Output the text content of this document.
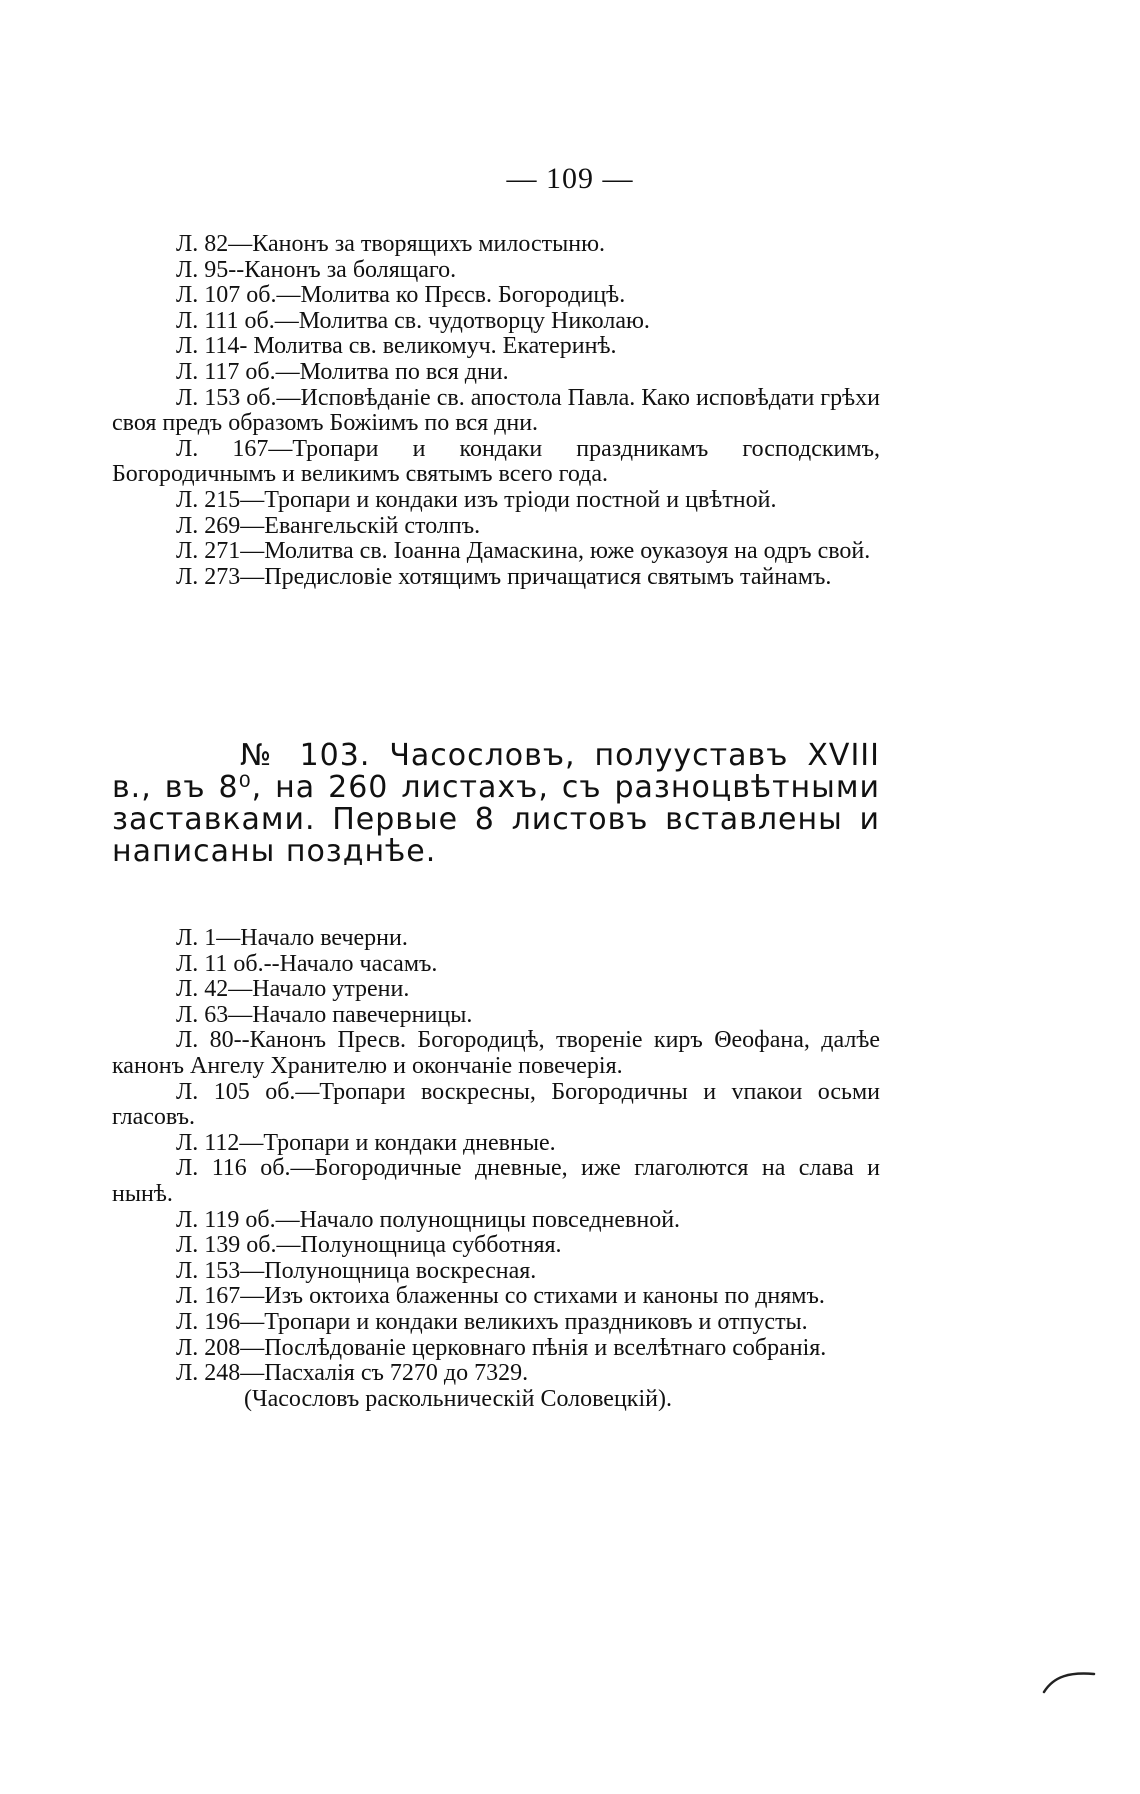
— 109 —

Л. 82—Канонъ за творящихъ милостыню.

Л. 95--Канонъ за болящаго.

Л. 107 об.—Молитва ко Прєсв. Богородицѣ.

Л. 111 об.—Молитва св. чудотворцу Николаю.

Л. 114- Молитва св. великомуч. Екатеринѣ.

Л. 117 об.—Молитва по вся дни.

Л. 153 об.—Исповѣданіе св. апостола Павла. Како исповѣдати грѣхи своя предъ образомъ Божіимъ по вся дни.

Л. 167—Тропари и кондаки праздникамъ господскимъ, Богородичнымъ и великимъ святымъ всего года.

Л. 215—Тропари и кондаки изъ тріоди постной и цвѣтной.

Л. 269—Евангельскій столпъ.

Л. 271—Молитва св. Іоанна Дамаскина, юже оуказоуя на одръ свой.

Л. 273—Предисловіе хотящимъ причащатися святымъ тайнамъ.

№ 103. Часословъ, полууставъ XVIII в., въ 8⁰, на 260 листахъ, съ разноцвѣтными заставками. Первые 8 листовъ вставлены и написаны позднѣе.

Л. 1—Начало вечерни.

Л. 11 об.--Начало часамъ.

Л. 42—Начало утрени.

Л. 63—Начало павечерницы.

Л. 80--Канонъ Пресв. Богородицѣ, твореніе киръ Θеофана, далѣе канонъ Ангелу Хранителю и окончаніе повечерія.

Л. 105 об.—Тропари воскресны, Богородичны и vпакои осьми гласовъ.

Л. 112—Тропари и кондаки дневные.

Л. 116 об.—Богородичные дневные, иже глаголются на слава и нынѣ.

Л. 119 об.—Начало полунощницы повседневной.

Л. 139 об.—Полунощница субботняя.

Л. 153—Полунощница воскресная.

Л. 167—Изъ октоиха блаженны со стихами и каноны по днямъ.

Л. 196—Тропари и кондаки великихъ праздниковъ и отпусты.

Л. 208—Послѣдованіе церковнаго пѣнія и вселѣтнаго собранія.

Л. 248—Пасхалія съ 7270 до 7329.

(Часословъ раскольническій Соловецкій).
